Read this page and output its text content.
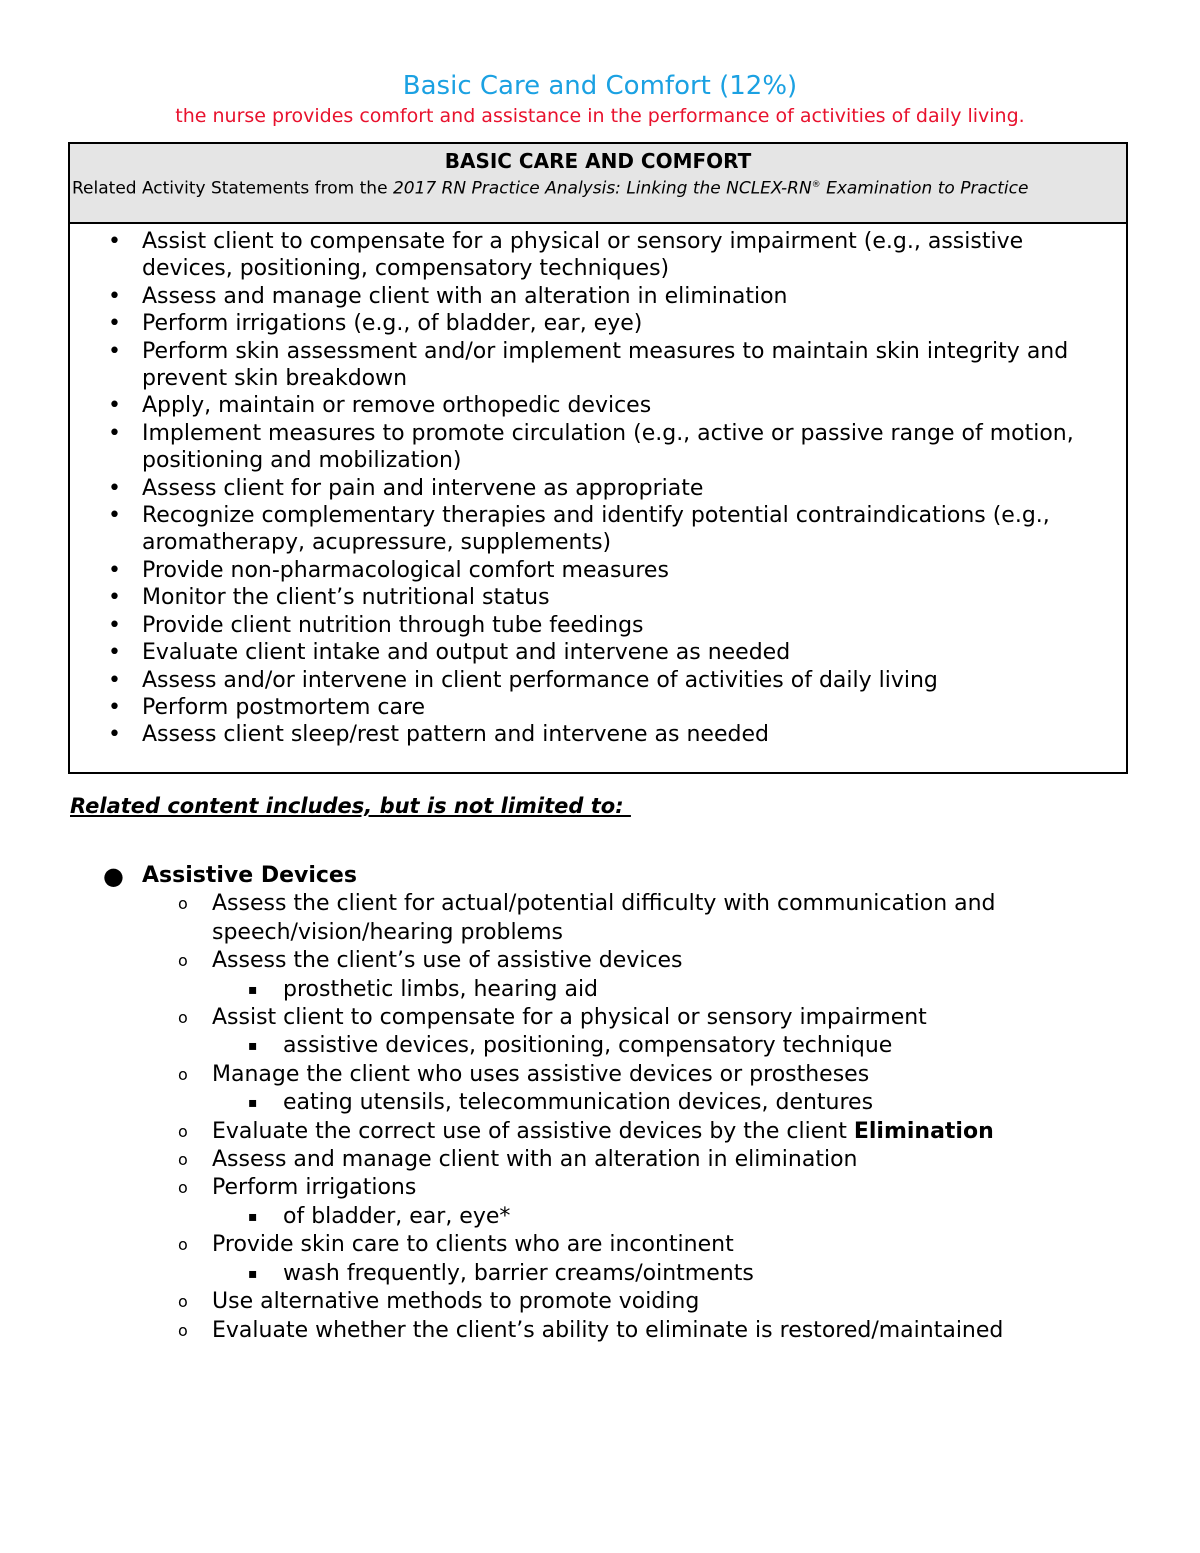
Basic Care and Comfort (12%)
the nurse provides comfort and assistance in the performance of activities of daily living.
BASIC CARE AND COMFORT
Related Activity Statements from the 2017 RN Practice Analysis: Linking the NCLEX-RN® Examination to Practice
• Assist client to compensate for a physical or sensory impairment (e.g., assistive devices, positioning, compensatory techniques)
• Assess and manage client with an alteration in elimination
• Perform irrigations (e.g., of bladder, ear, eye)
• Perform skin assessment and/or implement measures to maintain skin integrity and prevent skin breakdown
• Apply, maintain or remove orthopedic devices
• Implement measures to promote circulation (e.g., active or passive range of motion,
positioning and mobilization)
• Assess client for pain and intervene as appropriate
• Recognize complementary therapies and identify potential contraindications (e.g., aromatherapy, acupressure, supplements)
• Provide non-pharmacological comfort measures
• Monitor the client’s nutritional status
• Provide client nutrition through tube feedings
• Evaluate client intake and output and intervene as needed
• Assess and/or intervene in client performance of activities of daily living
• Perform postmortem care
• Assess client sleep/rest pattern and intervene as needed
Related content includes, but is not limited to:
● Assistive Devices
o Assess the client for actual/potential difficulty with communication and speech/vision/hearing problems
o Assess the client’s use of assistive devices
▪ prosthetic limbs, hearing aid
o Assist client to compensate for a physical or sensory impairment
▪ assistive devices, positioning, compensatory technique
o Manage the client who uses assistive devices or prostheses
▪ eating utensils, telecommunication devices, dentures
o Evaluate the correct use of assistive devices by the client Elimination
o Assess and manage client with an alteration in elimination
o Perform irrigations
▪ of bladder, ear, eye*
o Provide skin care to clients who are incontinent
▪ wash frequently, barrier creams/ointments
o Use alternative methods to promote voiding
o Evaluate whether the client’s ability to eliminate is restored/maintained
